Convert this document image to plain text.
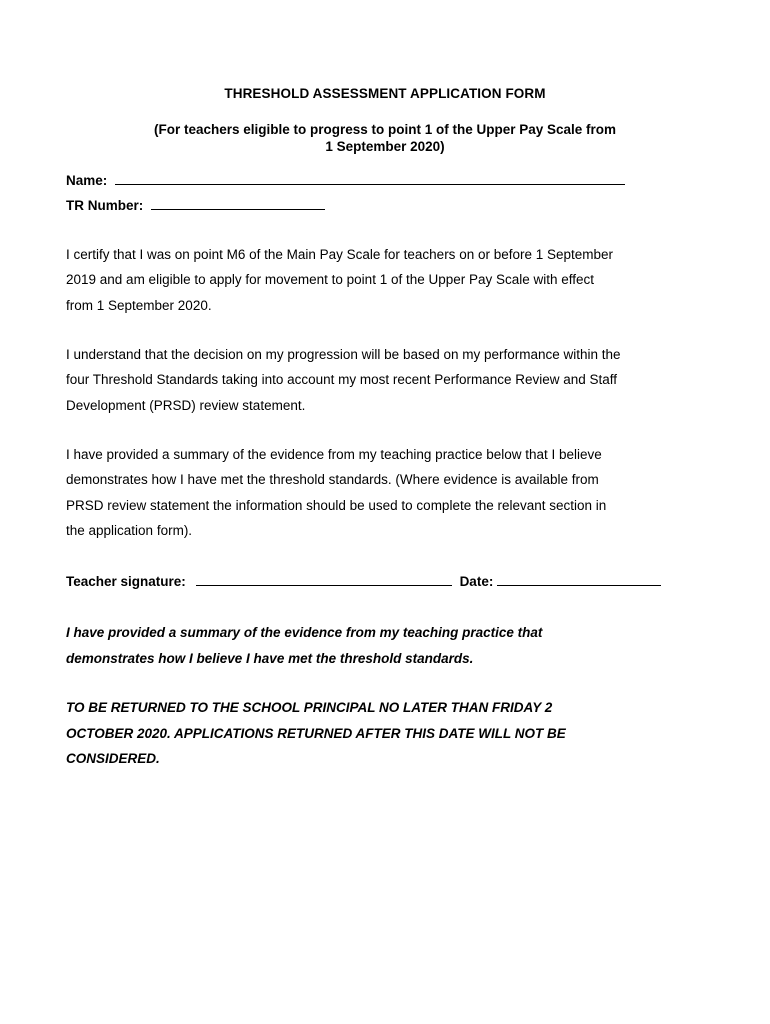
THRESHOLD ASSESSMENT APPLICATION FORM
(For teachers eligible to progress to point 1 of the Upper Pay Scale from
1 September 2020)
Name:
TR Number:
I certify that I was on point M6 of the Main Pay Scale for teachers on or before 1 September
2019 and am eligible to apply for movement to point 1 of the Upper Pay Scale with effect
from 1 September 2020.
I understand that the decision on my progression will be based on my performance within the
four Threshold Standards taking into account my most recent Performance Review and Staff
Development (PRSD) review statement.
I have provided a summary of the evidence from my teaching practice below that I believe
demonstrates how I have met the threshold standards. (Where evidence is available from
PRSD review statement the information should be used to complete the relevant section in
the application form).
Teacher signature:	Date:
I have provided a summary of the evidence from my teaching practice that
demonstrates how I believe I have met the threshold standards.
TO BE RETURNED TO THE SCHOOL PRINCIPAL NO LATER THAN FRIDAY 2
OCTOBER 2020. APPLICATIONS RETURNED AFTER THIS DATE WILL NOT BE
CONSIDERED.
